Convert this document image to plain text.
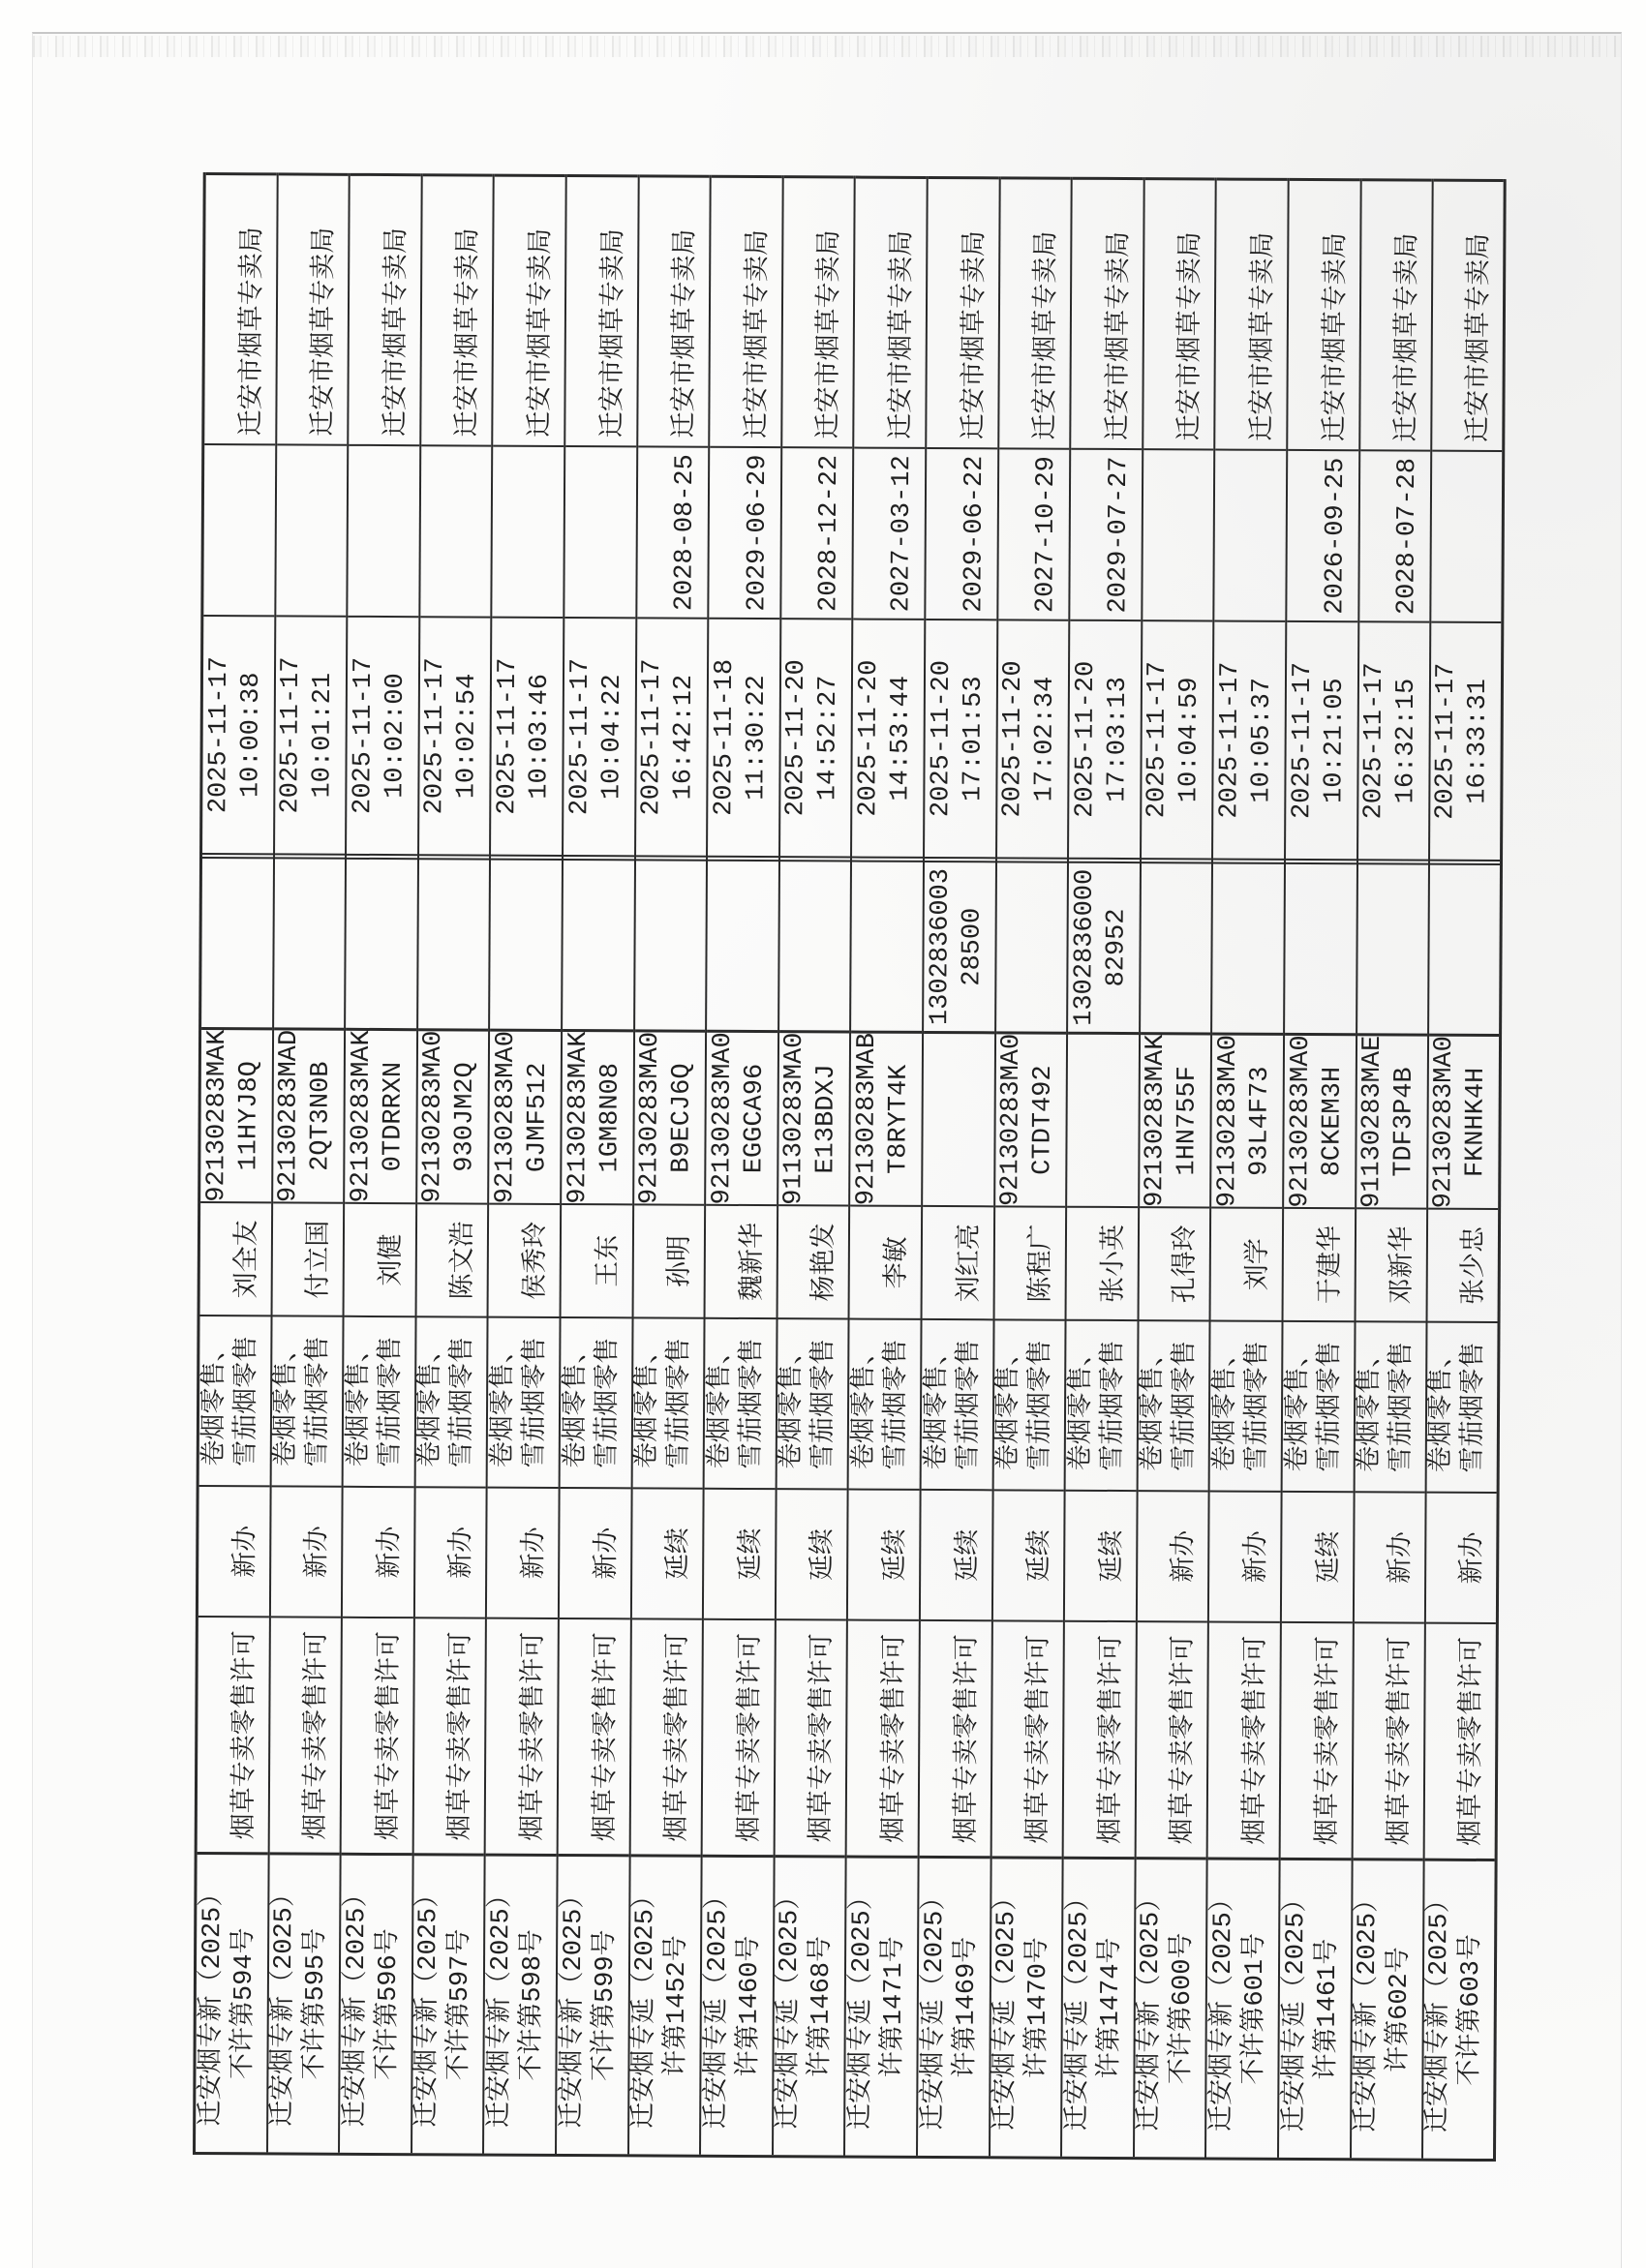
迁安烟专新（2025） 不许第594号
烟草专卖零售许可
新办
卷烟零售、 雪茄烟零售
刘全友
92130283MAK 11HYJ8Q
2025-11-17 10:00:38
迁安市烟草专卖局
迁安烟专新（2025） 不许第595号
烟草专卖零售许可
新办
卷烟零售、 雪茄烟零售
付立国
92130283MAD 2QT3N0B
2025-11-17 10:01:21
迁安市烟草专卖局
迁安烟专新（2025） 不许第596号
烟草专卖零售许可
新办
卷烟零售、 雪茄烟零售
刘健
92130283MAK 0TDRRXN
2025-11-17 10:02:00
迁安市烟草专卖局
迁安烟专新（2025） 不许第597号
烟草专卖零售许可
新办
卷烟零售、 雪茄烟零售
陈文浩
92130283MA0 930JM2Q
2025-11-17 10:02:54
迁安市烟草专卖局
迁安烟专新（2025） 不许第598号
烟草专卖零售许可
新办
卷烟零售、 雪茄烟零售
侯秀玲
92130283MA0 GJMF512
2025-11-17 10:03:46
迁安市烟草专卖局
迁安烟专新（2025） 不许第599号
烟草专卖零售许可
新办
卷烟零售、 雪茄烟零售
王东
92130283MAK 1GM8N08
2025-11-17 10:04:22
迁安市烟草专卖局
迁安烟专延（2025） 许第1452号
烟草专卖零售许可
延续
卷烟零售、 雪茄烟零售
孙明
92130283MA0 B9ECJ6Q
2025-11-17 16:42:12
2028-08-25
迁安市烟草专卖局
迁安烟专延（2025） 许第1460号
烟草专卖零售许可
延续
卷烟零售、 雪茄烟零售
魏新华
92130283MA0 EGGCA96
2025-11-18 11:30:22
2029-06-29
迁安市烟草专卖局
迁安烟专延（2025） 许第1468号
烟草专卖零售许可
延续
卷烟零售、 雪茄烟零售
杨艳发
91130283MA0 E13BDXJ
2025-11-20 14:52:27
2028-12-22
迁安市烟草专卖局
迁安烟专延（2025） 许第1471号
烟草专卖零售许可
延续
卷烟零售、 雪茄烟零售
李敏
92130283MAB T8RYT4K
2025-11-20 14:53:44
2027-03-12
迁安市烟草专卖局
迁安烟专延（2025） 许第1469号
烟草专卖零售许可
延续
卷烟零售、 雪茄烟零售
刘红亮
1302836003 28500
2025-11-20 17:01:53
2029-06-22
迁安市烟草专卖局
迁安烟专延（2025） 许第1470号
烟草专卖零售许可
延续
卷烟零售、 雪茄烟零售
陈程广
92130283MA0 CTDT492
2025-11-20 17:02:34
2027-10-29
迁安市烟草专卖局
迁安烟专延（2025） 许第1474号
烟草专卖零售许可
延续
卷烟零售、 雪茄烟零售
张小英
1302836000 82952
2025-11-20 17:03:13
2029-07-27
迁安市烟草专卖局
迁安烟专新（2025） 不许第600号
烟草专卖零售许可
新办
卷烟零售、 雪茄烟零售
孔得玲
92130283MAK 1HN755F
2025-11-17 10:04:59
迁安市烟草专卖局
迁安烟专新（2025） 不许第601号
烟草专卖零售许可
新办
卷烟零售、 雪茄烟零售
刘学
92130283MA0 93L4F73
2025-11-17 10:05:37
迁安市烟草专卖局
迁安烟专延（2025） 许第1461号
烟草专卖零售许可
延续
卷烟零售、 雪茄烟零售
于建华
92130283MA0 8CKEM3H
2025-11-17 10:21:05
2026-09-25
迁安市烟草专卖局
迁安烟专新（2025） 许第602号
烟草专卖零售许可
新办
卷烟零售、 雪茄烟零售
邓新华
91130283MAE TDF3P4B
2025-11-17 16:32:15
2028-07-28
迁安市烟草专卖局
迁安烟专新（2025） 不许第603号
烟草专卖零售许可
新办
卷烟零售、 雪茄烟零售
张少忠
92130283MA0 FKNHK4H
2025-11-17 16:33:31
迁安市烟草专卖局
